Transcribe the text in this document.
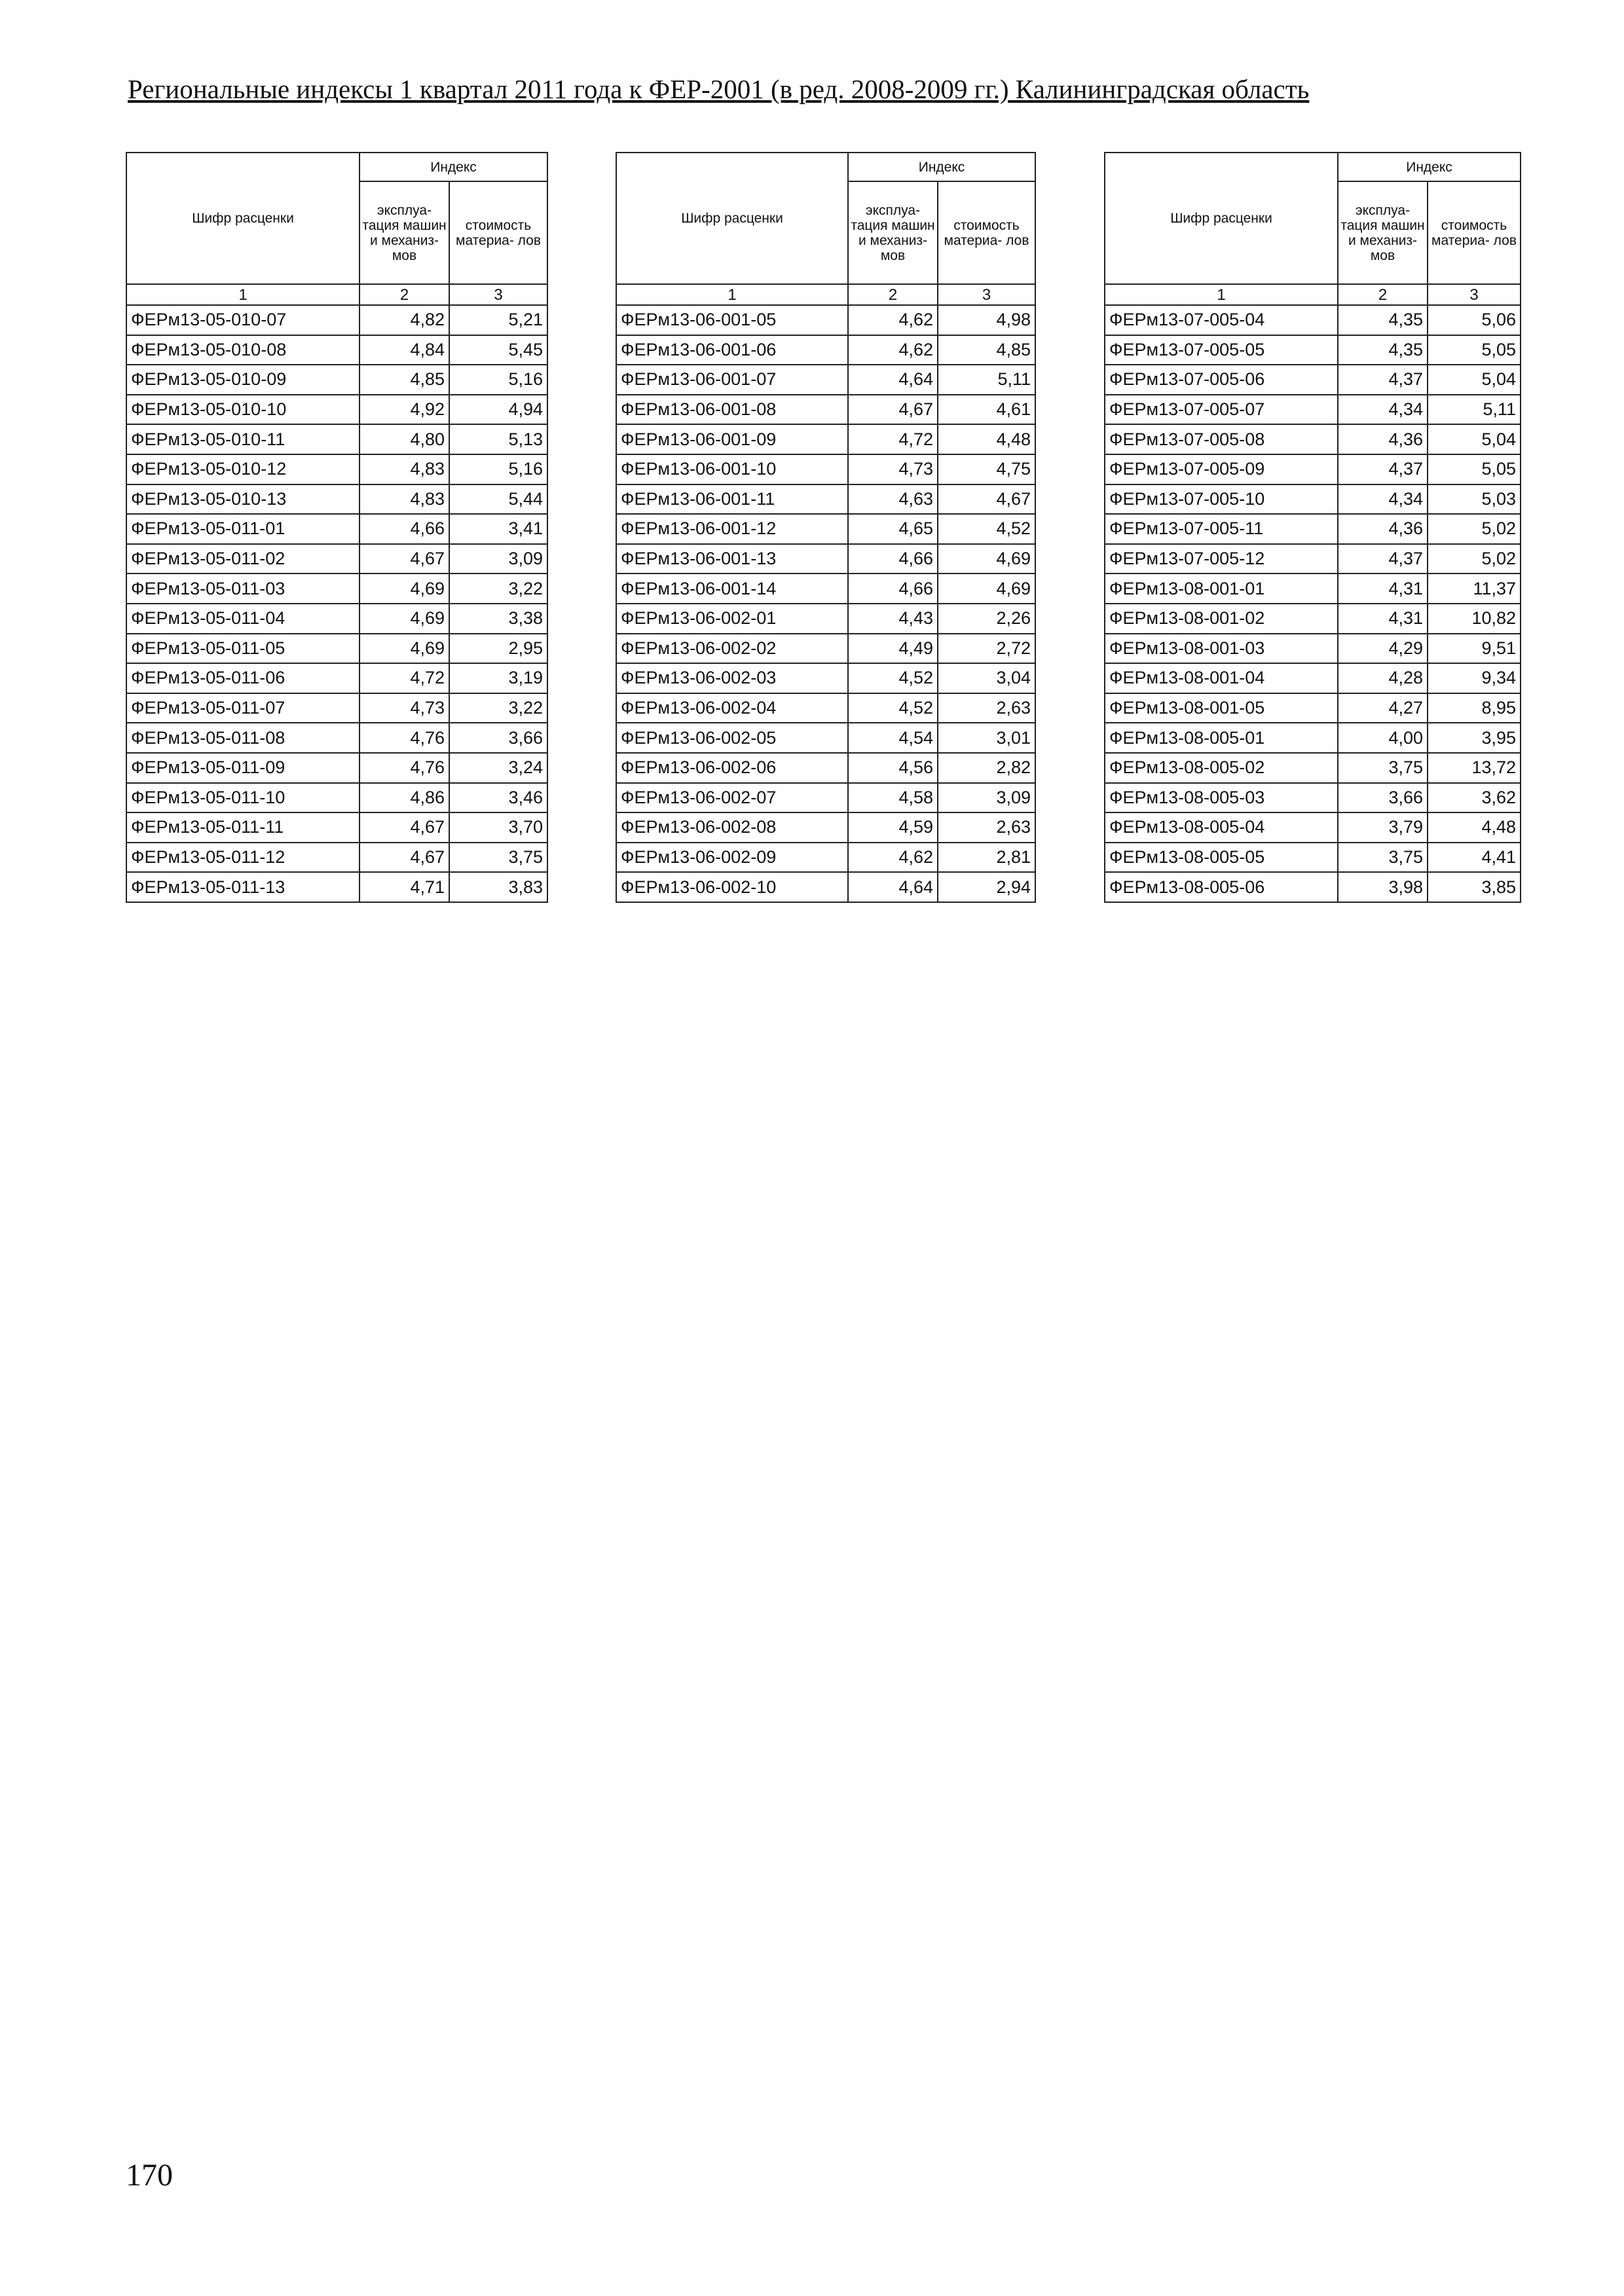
Региональные индексы 1 квартал 2011 года к ФЕР-2001 (в ред. 2008-2009 гг.) Калининградская область
Шифр расценки	Индекс	
	эксплуа- тация машин и механиз- мов	стоимость материа- лов
1	2	3
ФЕРм13-05-010-07	4,82	5,21
ФЕРм13-05-010-08	4,84	5,45
ФЕРм13-05-010-09	4,85	5,16
ФЕРм13-05-010-10	4,92	4,94
ФЕРм13-05-010-11	4,80	5,13
ФЕРм13-05-010-12	4,83	5,16
ФЕРм13-05-010-13	4,83	5,44
ФЕРм13-05-011-01	4,66	3,41
ФЕРм13-05-011-02	4,67	3,09
ФЕРм13-05-011-03	4,69	3,22
ФЕРм13-05-011-04	4,69	3,38
ФЕРм13-05-011-05	4,69	2,95
ФЕРм13-05-011-06	4,72	3,19
ФЕРм13-05-011-07	4,73	3,22
ФЕРм13-05-011-08	4,76	3,66
ФЕРм13-05-011-09	4,76	3,24
ФЕРм13-05-011-10	4,86	3,46
ФЕРм13-05-011-11	4,67	3,70
ФЕРм13-05-011-12	4,67	3,75
ФЕРм13-05-011-13	4,71	3,83
Шифр расценки	Индекс	
	эксплуа- тация машин и механиз- мов	стоимость материа- лов
1	2	3
ФЕРм13-06-001-05	4,62	4,98
ФЕРм13-06-001-06	4,62	4,85
ФЕРм13-06-001-07	4,64	5,11
ФЕРм13-06-001-08	4,67	4,61
ФЕРм13-06-001-09	4,72	4,48
ФЕРм13-06-001-10	4,73	4,75
ФЕРм13-06-001-11	4,63	4,67
ФЕРм13-06-001-12	4,65	4,52
ФЕРм13-06-001-13	4,66	4,69
ФЕРм13-06-001-14	4,66	4,69
ФЕРм13-06-002-01	4,43	2,26
ФЕРм13-06-002-02	4,49	2,72
ФЕРм13-06-002-03	4,52	3,04
ФЕРм13-06-002-04	4,52	2,63
ФЕРм13-06-002-05	4,54	3,01
ФЕРм13-06-002-06	4,56	2,82
ФЕРм13-06-002-07	4,58	3,09
ФЕРм13-06-002-08	4,59	2,63
ФЕРм13-06-002-09	4,62	2,81
ФЕРм13-06-002-10	4,64	2,94
Шифр расценки	Индекс	
	эксплуа- тация машин и механиз- мов	стоимость материа- лов
1	2	3
ФЕРм13-07-005-04	4,35	5,06
ФЕРм13-07-005-05	4,35	5,05
ФЕРм13-07-005-06	4,37	5,04
ФЕРм13-07-005-07	4,34	5,11
ФЕРм13-07-005-08	4,36	5,04
ФЕРм13-07-005-09	4,37	5,05
ФЕРм13-07-005-10	4,34	5,03
ФЕРм13-07-005-11	4,36	5,02
ФЕРм13-07-005-12	4,37	5,02
ФЕРм13-08-001-01	4,31	11,37
ФЕРм13-08-001-02	4,31	10,82
ФЕРм13-08-001-03	4,29	9,51
ФЕРм13-08-001-04	4,28	9,34
ФЕРм13-08-001-05	4,27	8,95
ФЕРм13-08-005-01	4,00	3,95
ФЕРм13-08-005-02	3,75	13,72
ФЕРм13-08-005-03	3,66	3,62
ФЕРм13-08-005-04	3,79	4,48
ФЕРм13-08-005-05	3,75	4,41
ФЕРм13-08-005-06	3,98	3,85
170
